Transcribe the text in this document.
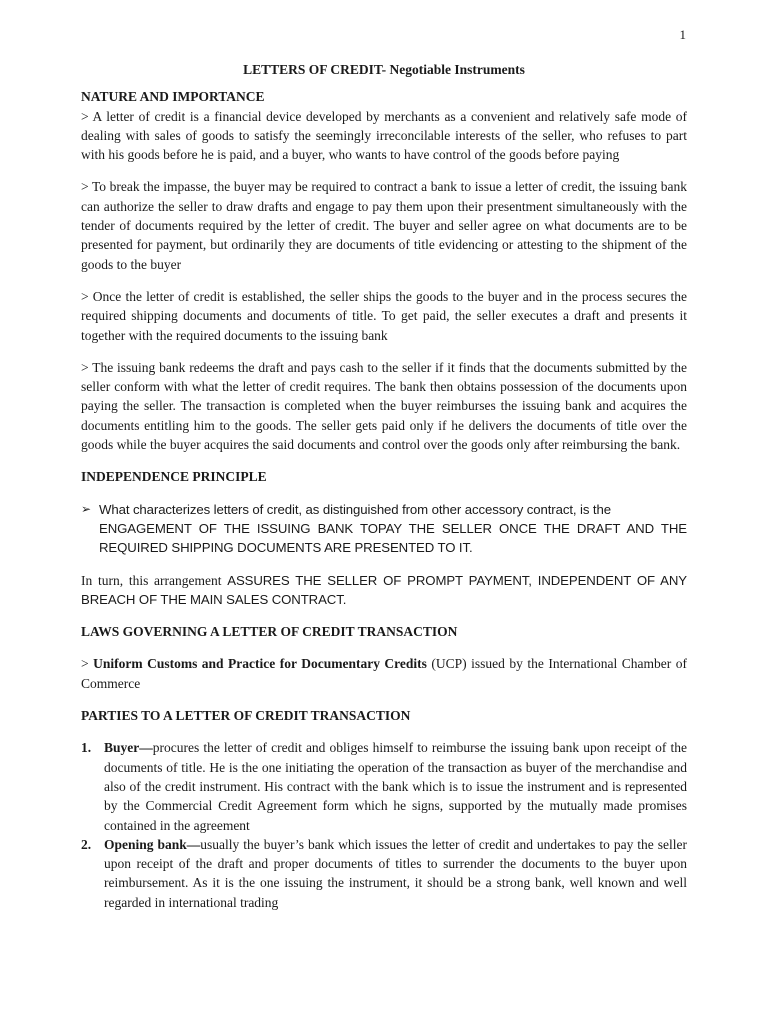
1
LETTERS OF CREDIT- Negotiable Instruments
NATURE AND IMPORTANCE

> A letter of credit is a financial device developed by merchants as a convenient and relatively safe mode of dealing with sales of goods to satisfy the seemingly irreconcilable interests of the seller, who refuses to part with his goods before he is paid, and a buyer, who wants to have control of the goods before paying

> To break the impasse, the buyer may be required to contract a bank to issue a letter of credit, the issuing bank can authorize the seller to draw drafts and engage to pay them upon their presentment simultaneously with the tender of documents required by the letter of credit. The buyer and seller agree on what documents are to be presented for payment, but ordinarily they are documents of title evidencing or attesting to the shipment of the goods to the buyer

> Once the letter of credit is established, the seller ships the goods to the buyer and in the process secures the required shipping documents and documents of title. To get paid, the seller executes a draft and presents it together with the required documents to the issuing bank

> The issuing bank redeems the draft and pays cash to the seller if it finds that the documents submitted by the seller conform with what the letter of credit requires. The bank then obtains possession of the documents upon paying the seller. The transaction is completed when the buyer reimburses the issuing bank and acquires the documents entitling him to the goods. The seller gets paid only if he delivers the documents of title over the goods while the buyer acquires the said documents and control over the goods only after reimbursing the bank.

INDEPENDENCE PRINCIPLE
➢ What characterizes letters of credit, as distinguished from other accessory contract, is the
ENGAGEMENT OF THE ISSUING BANK TOPAY THE SELLER ONCE THE DRAFT AND THE REQUIRED SHIPPING DOCUMENTS ARE PRESENTED TO IT.

In turn, this arrangement ASSURES THE SELLER OF PROMPT PAYMENT, INDEPENDENT OF ANY BREACH OF THE MAIN SALES CONTRACT.

LAWS GOVERNING A LETTER OF CREDIT TRANSACTION

> Uniform Customs and Practice for Documentary Credits (UCP) issued by the International Chamber of Commerce

PARTIES TO A LETTER OF CREDIT TRANSACTION
1. Buyer—procures the letter of credit and obliges himself to reimburse the issuing bank upon receipt of the documents of title. He is the one initiating the operation of the transaction as buyer of the merchandise and also of the credit instrument. His contract with the bank which is to issue the instrument and is represented by the Commercial Credit Agreement form which he signs, supported by the mutually made promises contained in the agreement
2. Opening bank—usually the buyer’s bank which issues the letter of credit and undertakes to pay the seller upon receipt of the draft and proper documents of titles to surrender the documents to the buyer upon reimbursement. As it is the one issuing the instrument, it should be a strong bank, well known and well regarded in international trading
